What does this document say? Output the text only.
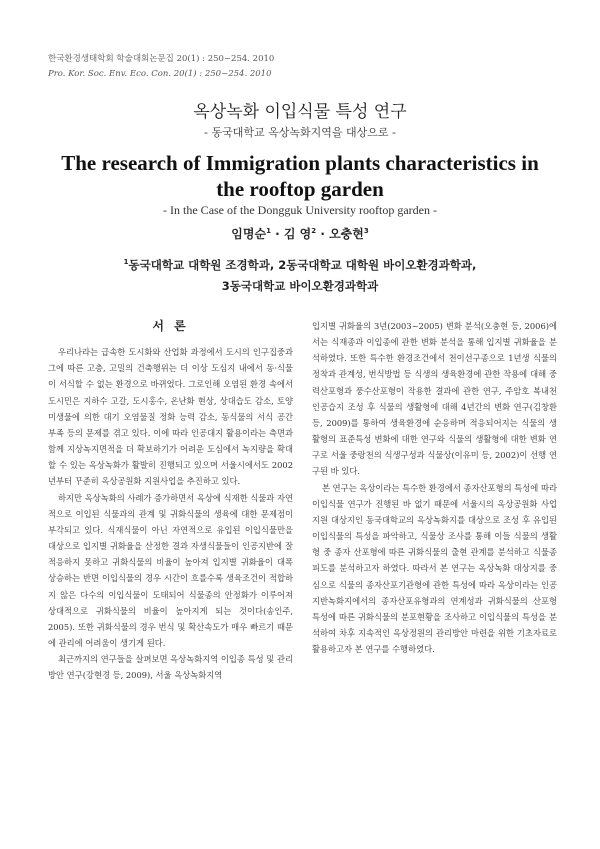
한국환경생태학회 학술대회논문집 20(1) : 250~254. 2010
Pro. Kor. Soc. Env. Eco. Con. 20(1) : 250~254. 2010
옥상녹화 이입식물 특성 연구
- 동국대학교 옥상녹화지역을 대상으로 -
The research of Immigration plants characteristics in the rooftop garden
- In the Case of the Dongguk University rooftop garden -
임명순$^1$ · 김 영$^2$ · 오충현$^3$
$^1$동국대학교 대학원 조경학과, 2동국대학교 대학원 바이오환경과학과,
3동국대학교 바이오환경과학과
서 론

우리나라는 급속한 도시화와 산업화 과정에서 도시의 인구집중과 그에 따른 고층, 고밀의 건축행위는 더 이상 도심지 내에서 동·식물이 서식할 수 없는 환경으로 바뀌었다. 그로인해 오염된 환경 속에서 도시민은 지하수 고갈, 도시홍수, 온난화 현상, 상대습도 감소, 토양 미생물에 의한 대기 오염물질 정화 능력 감소, 동식물의 서식 공간 부족 등의 문제를 겪고 있다. 이에 따라 인공대지 활용이라는 측면과 함께 지상녹지면적을 더 확보하기가 어려운 도심에서 녹지량을 확대할 수 있는 옥상녹화가 활발히 진행되고 있으며 서울시에서도 2002년부터 꾸준히 옥상공원화 지원사업을 추진하고 있다.

하지만 옥상녹화의 사례가 증가하면서 옥상에 식재한 식물과 자연적으로 이입된 식물과의 관계 및 귀화식물의 생육에 대한 문제점이 부각되고 있다. 식재식물이 아닌 자연적으로 유입된 이입식물만을 대상으로 입지별 귀화율을 산정한 결과 자생식물들이 인공지반에 잘 적응하지 못하고 귀화식물의 비율이 높아져 입지별 귀화율이 대폭 상승하는 반면 이입식물의 경우 시간이 흐를수록 생육조건이 적합하지 않은 다수의 이입식물이 도태되어 식물종의 안정화가 이루어져 상대적으로 귀화식물의 비율이 높아지게 되는 것이다(송인주, 2005). 또한 귀화식물의 경우 번식 및 확산속도가 매우 빠르기 때문에 관리에 어려움이 생기게 된다.

최근까지의 연구들을 살펴보면 옥상녹화지역 이입종 특성 및 관리방안 연구(강현경 등, 2009), 서울 옥상녹화지역

입지별 귀화율의 3년(2003~2005) 변화 분석(오충현 등, 2006)에서는 식재종과 이입종에 관한 변화 분석을 통해 입지별 귀화율을 분석하였다. 또한 특수한 환경조건에서 천이선구종으로 1년생 식물의 정착과 관계성, 번식방법 등 식생의 생육환경에 관한 작용에 대해 중력산포형과 풍수산포형이 작용한 결과에 관한 연구, 주암호 복내천 인공습지 조성 후 식물의 생활형에 대해 4년간의 변화 연구(김창환 등, 2009)를 통하여 생육환경에 순응하며 적응되어지는 식물의 생활형의 표준특성 변화에 대한 연구와 식물의 생활형에 대한 변화 연구로 서울 중랑천의 식생구성과 식물상(이유미 등, 2002)이 선행 연구된 바 있다.

본 연구는 옥상이라는 특수한 환경에서 종자산포형의 특성에 따라 이입식물 연구가 진행된 바 없기 때문에 서울시의 옥상공원화 사업지원 대상지인 동국대학교의 옥상녹화지를 대상으로 조성 후 유입된 이입식물의 특성을 파악하고, 식물상 조사를 통해 이들 식물의 생활형 중 종자 산포형에 따른 귀화식물의 출현 관계를 분석하고 식물종 피도를 분석하고자 하였다. 따라서 본 연구는 옥상녹화 대상지를 중심으로 식물의 종자산포기관형에 관한 특성에 따라 옥상이라는 인공지반녹화지에서의 종자산포유형과의 연계성과 귀화식물의 산포형 특성에 따른 귀화식물의 분포현황을 조사하고 이입식물의 특성을 분석하여 차후 지속적인 옥상정원의 관리방안 마련을 위한 기초자료로 활용하고자 본 연구를 수행하였다.
